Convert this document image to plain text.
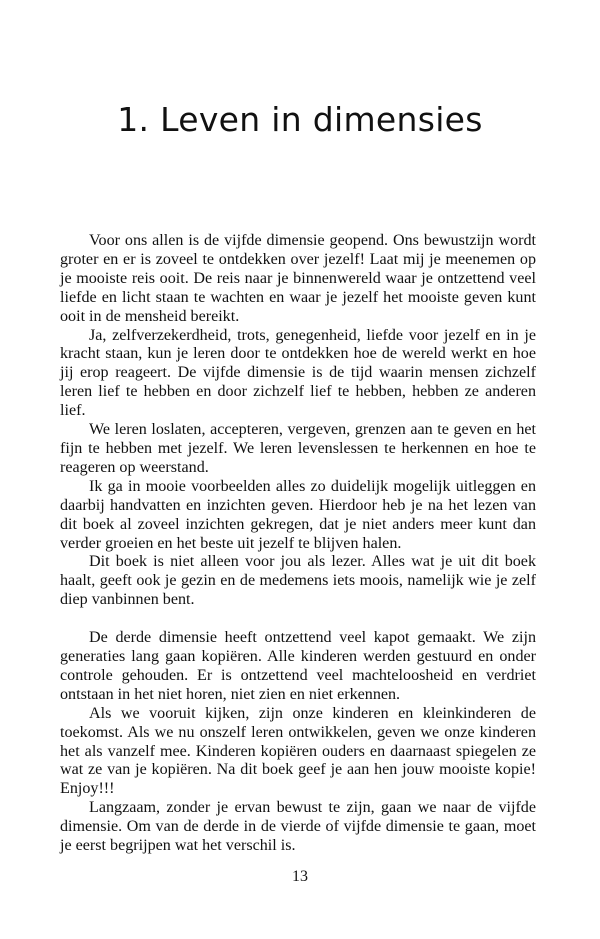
1. Leven in dimensies

Voor ons allen is de vijfde dimensie geopend. Ons bewustzijn wordt groter en er is zoveel te ontdekken over jezelf! Laat mij je meenemen op je mooiste reis ooit. De reis naar je binnenwereld waar je ontzettend veel liefde en licht staan te wachten en waar je jezelf het mooiste geven kunt ooit in de mensheid bereikt.

Ja, zelfverzekerdheid, trots, genegenheid, liefde voor jezelf en in je kracht staan, kun je leren door te ontdekken hoe de wereld werkt en hoe jij erop reageert. De vijfde dimensie is de tijd waarin mensen zichzelf leren lief te hebben en door zichzelf lief te hebben, hebben ze anderen lief.

We leren loslaten, accepteren, vergeven, grenzen aan te geven en het fijn te hebben met jezelf. We leren levenslessen te herkennen en hoe te reageren op weerstand.

Ik ga in mooie voorbeelden alles zo duidelijk mogelijk uitleggen en daarbij handvatten en inzichten geven. Hierdoor heb je na het lezen van dit boek al zoveel inzichten gekregen, dat je niet anders meer kunt dan verder groeien en het beste uit jezelf te blijven halen.

Dit boek is niet alleen voor jou als lezer. Alles wat je uit dit boek haalt, geeft ook je gezin en de medemens iets moois, namelijk wie je zelf diep vanbinnen bent.

De derde dimensie heeft ontzettend veel kapot gemaakt. We zijn generaties lang gaan kopiëren. Alle kinderen werden gestuurd en onder controle gehouden. Er is ontzettend veel machteloosheid en verdriet ontstaan in het niet horen, niet zien en niet erkennen.

Als we vooruit kijken, zijn onze kinderen en kleinkinderen de toekomst. Als we nu onszelf leren ontwikkelen, geven we onze kinderen het als vanzelf mee. Kinderen kopiëren ouders en daarnaast spiegelen ze wat ze van je kopiëren. Na dit boek geef je aan hen jouw mooiste kopie! Enjoy!!!

Langzaam, zonder je ervan bewust te zijn, gaan we naar de vijfde dimensie. Om van de derde in de vierde of vijfde dimensie te gaan, moet je eerst begrijpen wat het verschil is.

13
